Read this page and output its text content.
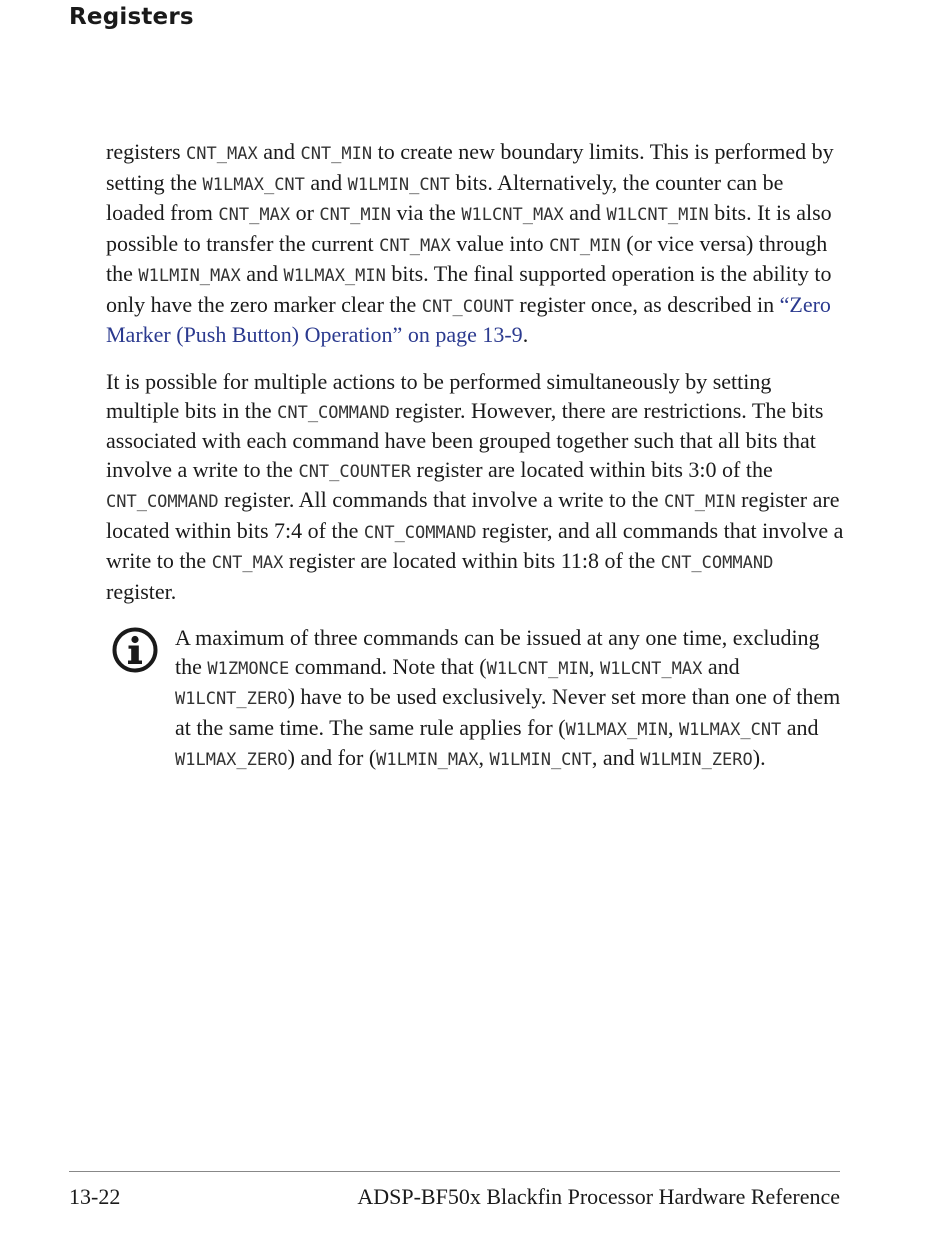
Registers

registers CNT_MAX and CNT_MIN to create new boundary limits. This is performed by setting the W1LMAX_CNT and W1LMIN_CNT bits. Alternatively, the counter can be loaded from CNT_MAX or CNT_MIN via the W1LCNT_MAX and W1LCNT_MIN bits. It is also possible to transfer the current CNT_MAX value into CNT_MIN (or vice versa) through the W1LMIN_MAX and W1LMAX_MIN bits. The final supported operation is the ability to only have the zero marker clear the CNT_COUNT register once, as described in “Zero Marker (Push Button) Operation” on page 13-9.

It is possible for multiple actions to be performed simultaneously by setting multiple bits in the CNT_COMMAND register. However, there are restrictions. The bits associated with each command have been grouped together such that all bits that involve a write to the CNT_COUNTER register are located within bits 3:0 of the CNT_COMMAND register. All commands that involve a write to the CNT_MIN register are located within bits 7:4 of the CNT_COMMAND register, and all commands that involve a write to the CNT_MAX register are located within bits 11:8 of the CNT_COMMAND register.

A maximum of three commands can be issued at any one time, excluding the W1ZMONCE command. Note that (W1LCNT_MIN, W1LCNT_MAX and W1LCNT_ZERO) have to be used exclusively. Never set more than one of them at the same time. The same rule applies for (W1LMAX_MIN, W1LMAX_CNT and W1LMAX_ZERO) and for (W1LMIN_MAX, W1LMIN_CNT, and W1LMIN_ZERO).

13-22	ADSP-BF50x Blackfin Processor Hardware Reference
